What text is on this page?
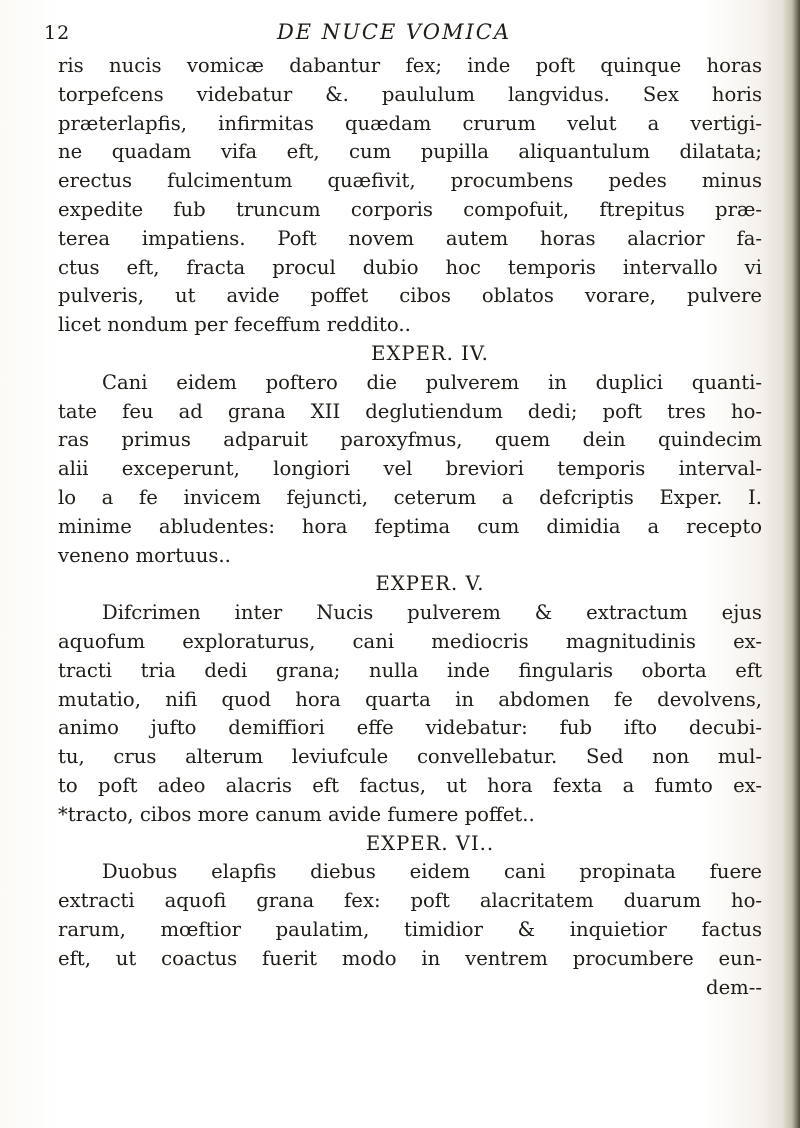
12	DE NUCE VOMICA
ris nucis vomicæ dabantur fex; inde poft quinque horas
torpefcens videbatur &. paululum langvidus. Sex horis
præterlapfis, infirmitas quædam crurum velut a vertigi-
ne quadam vifa eft, cum pupilla aliquantulum dilatata;
erectus fulcimentum quæfivit, procumbens pedes minus
expedite fub truncum corporis compofuit, ftrepitus præ-
terea impatiens. Poft novem autem horas alacrior fa-
ctus eft, fracta procul dubio hoc temporis intervallo vi
pulveris, ut avide poffet cibos oblatos vorare, pulvere
licet nondum per feceffum reddito..
EXPER. IV.
Cani eidem poftero die pulverem in duplici quanti-
tate feu ad grana XII deglutiendum dedi; poft tres ho-
ras primus adparuit paroxyfmus, quem dein quindecim
alii exceperunt, longiori vel breviori temporis interval-
lo a fe invicem fejuncti, ceterum a defcriptis Exper. I.
minime abludentes: hora feptima cum dimidia a recepto
veneno mortuus..
EXPER. V.
Difcrimen inter Nucis pulverem & extractum ejus
aquofum exploraturus, cani mediocris magnitudinis ex-
tracti tria dedi grana; nulla inde fingularis oborta eft
mutatio, nifi quod hora quarta in abdomen fe devolvens,
animo jufto demiffiori effe videbatur: fub ifto decubi-
tu, crus alterum leviufcule convellebatur. Sed non mul-
to poft adeo alacris eft factus, ut hora fexta a fumto ex-
*tracto, cibos more canum avide fumere poffet..
EXPER. VI..
Duobus elapfis diebus eidem cani propinata fuere
extracti aquofi grana fex: poft alacritatem duarum ho-
rarum, mœftior paulatim, timidior & inquietior factus
eft, ut coactus fuerit modo in ventrem procumbere eun-
dem--
